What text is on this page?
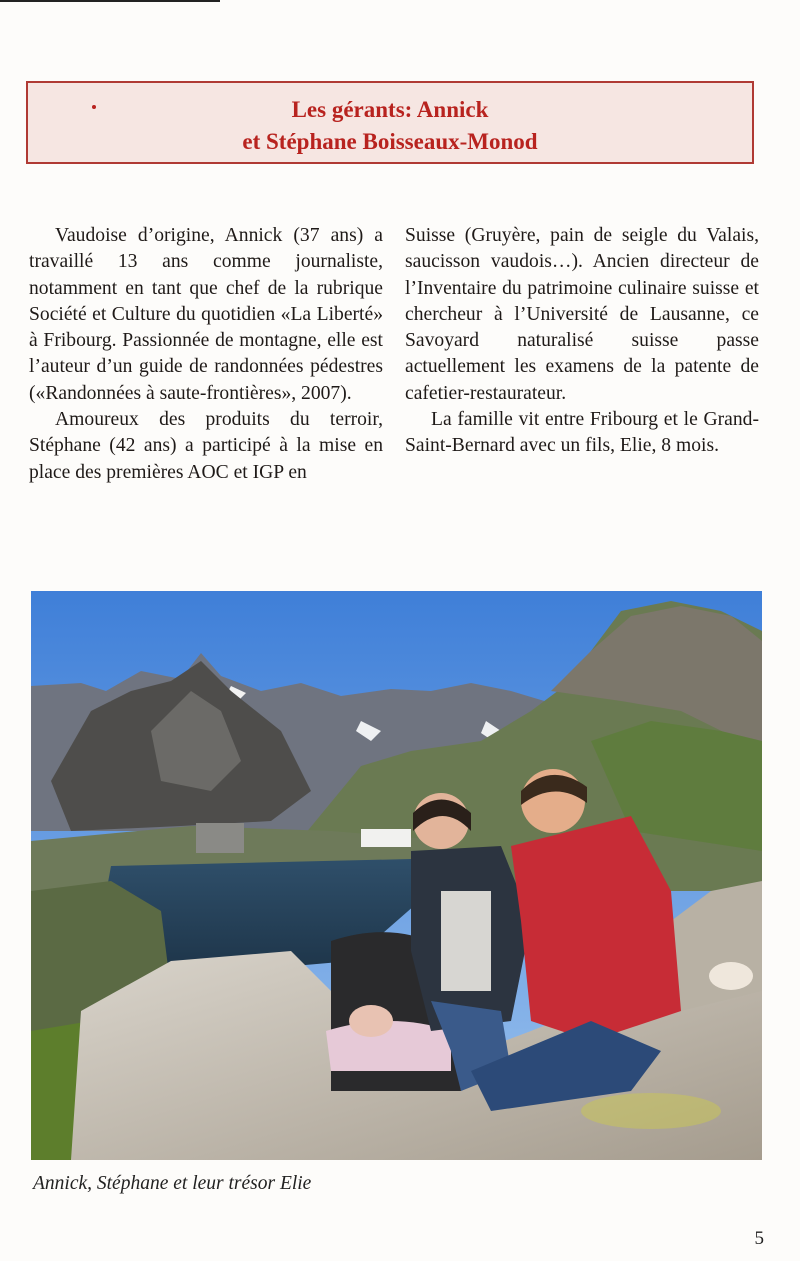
Les gérants: Annick
et Stéphane Boisseaux-Monod

Vaudoise d’origine, Annick (37 ans) a travaillé 13 ans comme journaliste, notamment en tant que chef de la rubrique Société et Culture du quotidien «La Liberté» à Fribourg. Passionnée de montagne, elle est l’auteur d’un guide de randonnées pédestres («Randonnées à saute-frontières», 2007).

Amoureux des produits du terroir, Stéphane (42 ans) a participé à la mise en place des premières AOC et IGP en

Suisse (Gruyère, pain de seigle du Valais, saucisson vaudois…). Ancien directeur de l’Inventaire du patrimoine culinaire suisse et chercheur à l’Université de Lausanne, ce Savoyard naturalisé suisse passe actuellement les examens de la patente de cafetier-restaurateur.

La famille vit entre Fribourg et le Grand-Saint-Bernard avec un fils, Elie, 8 mois.

Annick, Stéphane et leur trésor Elie
5
